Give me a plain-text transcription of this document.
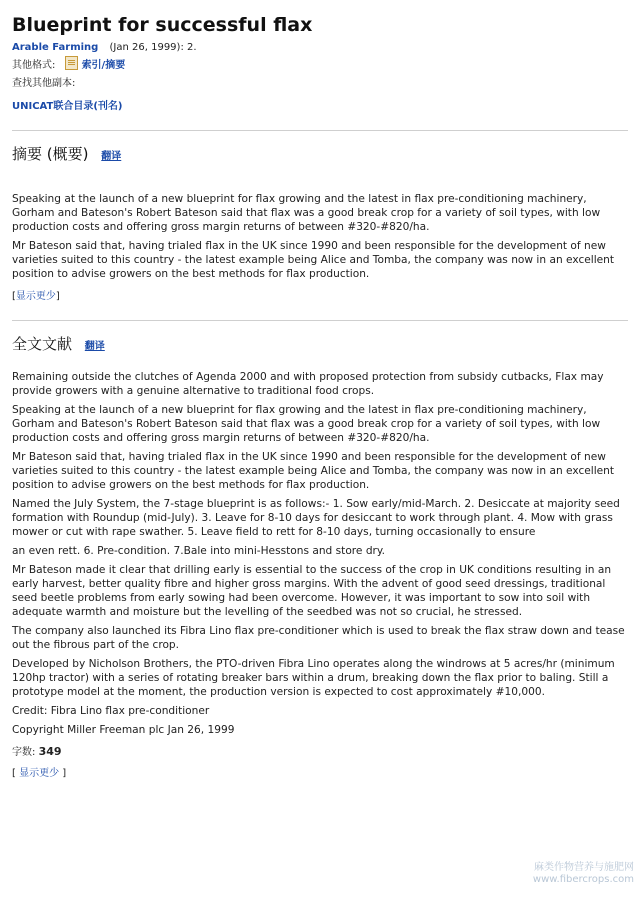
Blueprint for successful flax
Arable Farming (Jan 26, 1999): 2.
其他格式:	索引/摘要
查找其他副本:
UNICAT联合目录(刊名)
摘要 (概要) 翻译

Speaking at the launch of a new blueprint for flax growing and the latest in flax pre-conditioning machinery, Gorham and Bateson's Robert Bateson said that flax was a good break crop for a variety of soil types, with low production costs and offering gross margin returns of between #320-#820/ha.

Mr Bateson said that, having trialed flax in the UK since 1990 and been responsible for the development of new varieties suited to this country - the latest example being Alice and Tomba, the company was now in an excellent position to advise growers on the best methods for flax production.

[显示更少]
全文文献 翻译

Remaining outside the clutches of Agenda 2000 and with proposed protection from subsidy cutbacks, Flax may provide growers with a genuine alternative to traditional food crops.

Speaking at the launch of a new blueprint for flax growing and the latest in flax pre-conditioning machinery, Gorham and Bateson's Robert Bateson said that flax was a good break crop for a variety of soil types, with low production costs and offering gross margin returns of between #320-#820/ha.

Mr Bateson said that, having trialed flax in the UK since 1990 and been responsible for the development of new varieties suited to this country - the latest example being Alice and Tomba, the company was now in an excellent position to advise growers on the best methods for flax production.

Named the July System, the 7-stage blueprint is as follows:- 1. Sow early/mid-March. 2. Desiccate at majority seed formation with Roundup (mid-July). 3. Leave for 8-10 days for desiccant to work through plant. 4. Mow with grass mower or cut with rape swather. 5. Leave field to rett for 8-10 days, turning occasionally to ensure

an even rett. 6. Pre-condition. 7.Bale into mini-Hesstons and store dry.

Mr Bateson made it clear that drilling early is essential to the success of the crop in UK conditions resulting in an early harvest, better quality fibre and higher gross margins. With the advent of good seed dressings, traditional seed beetle problems from early sowing had been overcome. However, it was important to sow into soil with adequate warmth and moisture but the levelling of the seedbed was not so crucial, he stressed.

The company also launched its Fibra Lino flax pre-conditioner which is used to break the flax straw down and tease out the fibrous part of the crop.

Developed by Nicholson Brothers, the PTO-driven Fibra Lino operates along the windrows at 5 acres/hr (minimum 120hp tractor) with a series of rotating breaker bars within a drum, breaking down the flax prior to baling. Still a prototype model at the moment, the production version is expected to cost approximately #10,000.

Credit: Fibra Lino flax pre-conditioner

Copyright Miller Freeman plc Jan 26, 1999

字数: 349
[ 显示更少 ]
麻类作物营养与施肥网
www.fibercrops.com
